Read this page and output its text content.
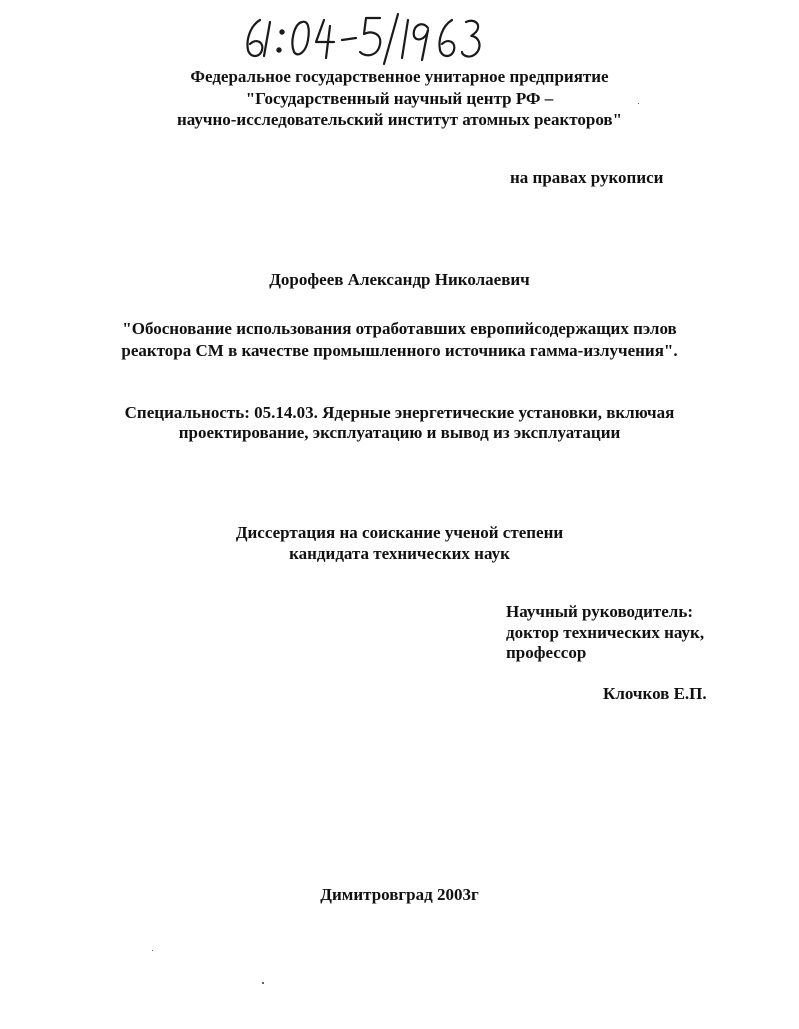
Федеральное государственное унитарное предприятие
"Государственный научный центр РФ –
научно-исследовательский институт атомных реакторов"
на правах рукописи
Дорофеев Александр Николаевич
"Обоснование использования отработавших европийсодержащих пэлов
реактора СМ в качестве промышленного источника гамма-излучения".
Специальность: 05.14.03. Ядерные энергетические установки, включая
проектирование, эксплуатацию и вывод из эксплуатации
Диссертация на соискание ученой степени
кандидата технических наук
Научный руководитель:
доктор технических наук,
профессор
Клочков Е.П.
Димитровград 2003г
